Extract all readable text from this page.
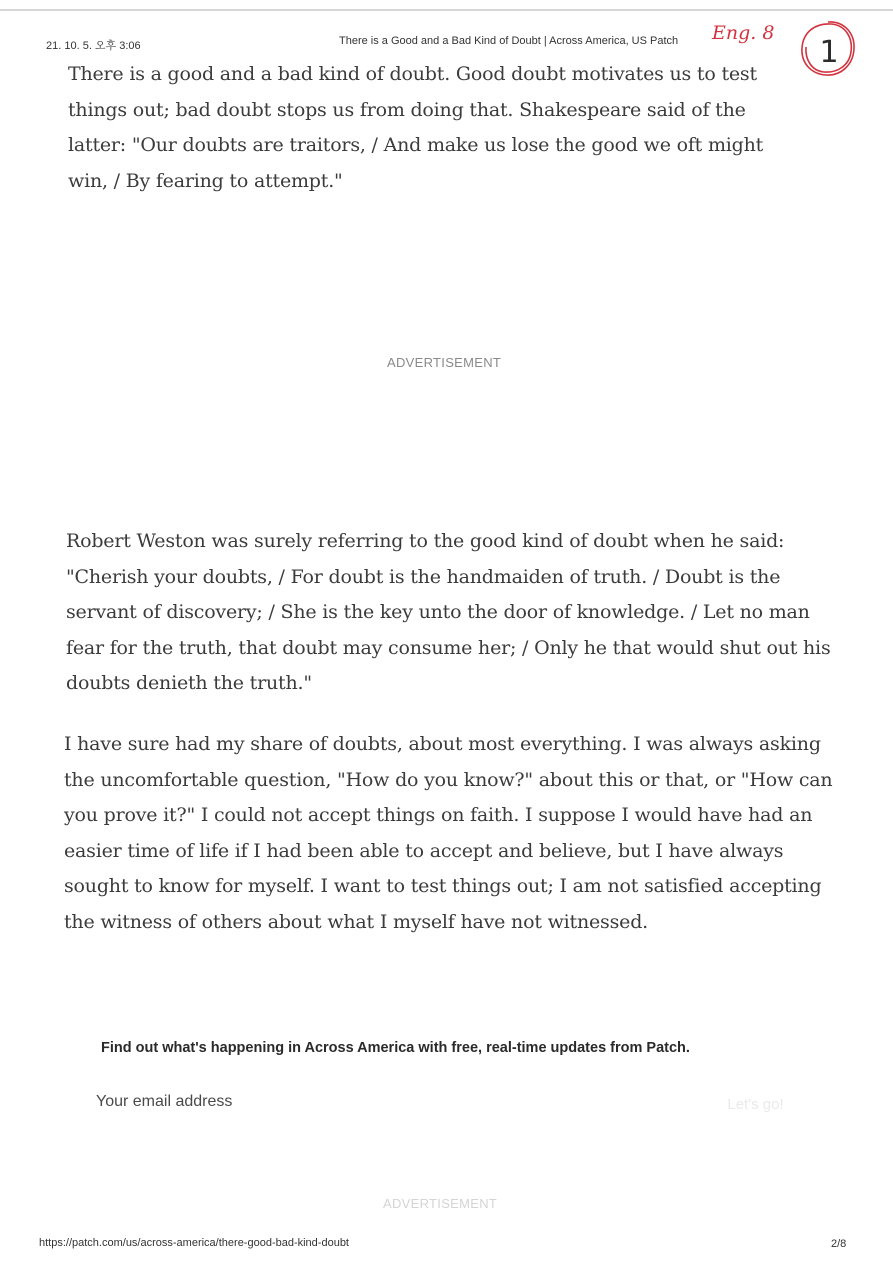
21. 10. 5. 오후 3:06	There is a Good and a Bad Kind of Doubt | Across America, US Patch Eng. 8
1

There is a good and a bad kind of doubt. Good doubt motivates us to test things out; bad doubt stops us from doing that. Shakespeare said of the latter: "Our doubts are traitors, / And make us lose the good we oft might win, / By fearing to attempt."

ADVERTISEMENT

Robert Weston was surely referring to the good kind of doubt when he said: "Cherish your doubts, / For doubt is the handmaiden of truth. / Doubt is the servant of discovery; / She is the key unto the door of knowledge. / Let no man fear for the truth, that doubt may consume her; / Only he that would shut out his doubts denieth the truth."

I have sure had my share of doubts, about most everything. I was always asking the uncomfortable question, "How do you know?" about this or that, or "How can you prove it?" I could not accept things on faith. I suppose I would have had an easier time of life if I had been able to accept and believe, but I have always sought to know for myself. I want to test things out; I am not satisfied accepting the witness of others about what I myself have not witnessed.

Find out what's happening in Across America with free, real-time updates from Patch.
Your email address
Let's go!
ADVERTISEMENT
https://patch.com/us/across-america/there-good-bad-kind-doubt	2/8
